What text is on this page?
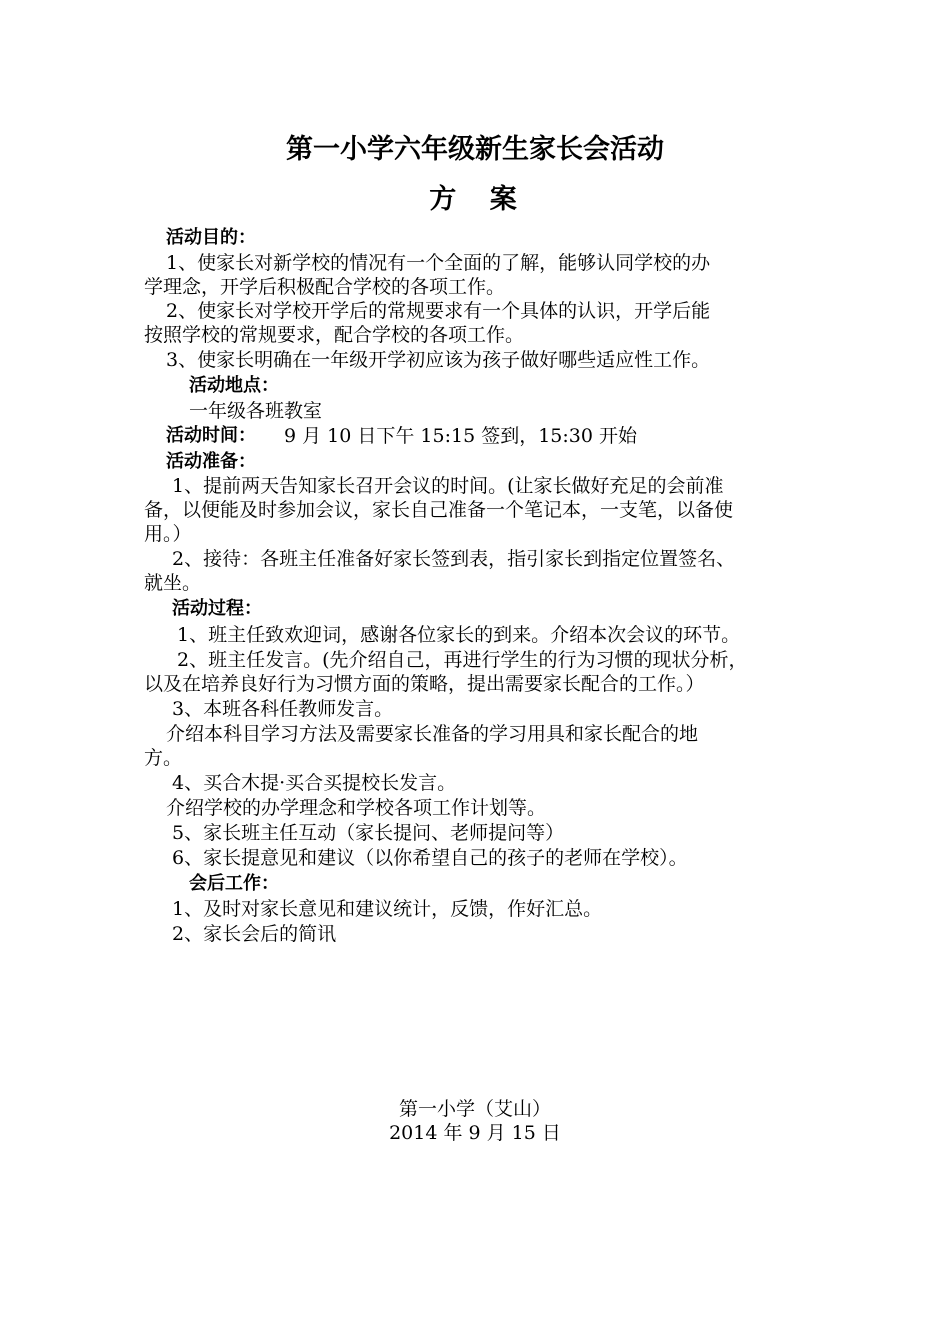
第一小学六年级新生家长会活动
方 案
活动目的：
1、使家长对新学校的情况有一个全面的了解，能够认同学校的办
学理念，开学后积极配合学校的各项工作。
2、使家长对学校开学后的常规要求有一个具体的认识，开学后能
按照学校的常规要求，配合学校的各项工作。
3、使家长明确在一年级开学初应该为孩子做好哪些适应性工作。
活动地点：
一年级各班教室
活动时间：	9 月 10 日下午 15:15 签到，15:30 开始
活动准备：
1、提前两天告知家长召开会议的时间。(让家长做好充足的会前准
备，以便能及时参加会议，家长自己准备一个笔记本，一支笔，以备使
用。）
2、接待：各班主任准备好家长签到表，指引家长到指定位置签名、
就坐。
活动过程：
1、班主任致欢迎词，感谢各位家长的到来。介绍本次会议的环节。
2、班主任发言。(先介绍自己，再进行学生的行为习惯的现状分析，
以及在培养良好行为习惯方面的策略，提出需要家长配合的工作。）
3、本班各科任教师发言。
介绍本科目学习方法及需要家长准备的学习用具和家长配合的地
方。
4、买合木提·买合买提校长发言。
介绍学校的办学理念和学校各项工作计划等。
5、家长班主任互动（家长提问、老师提问等）
6、家长提意见和建议（以你希望自己的孩子的老师在学校）。
会后工作：
1、及时对家长意见和建议统计，反馈，作好汇总。
2、家长会后的简讯
第一小学（艾山）
2014 年 9 月 15 日
